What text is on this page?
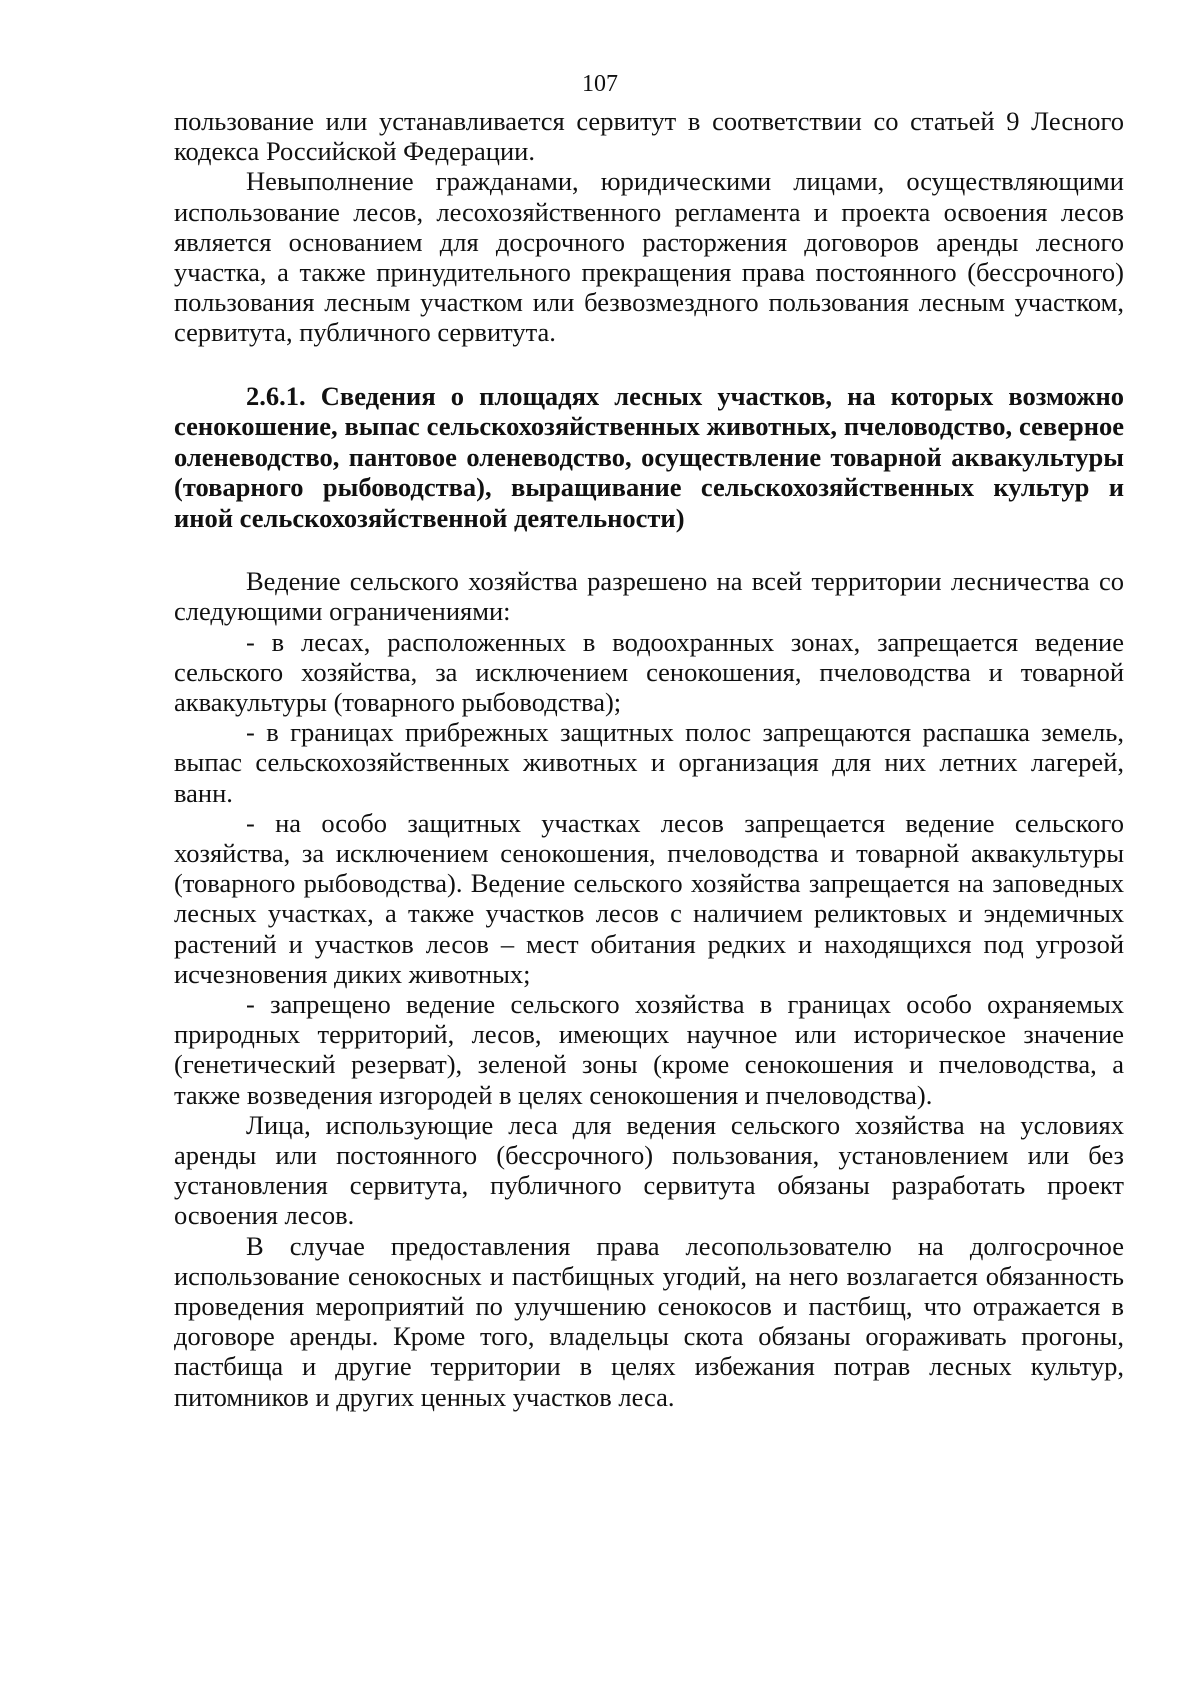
107

пользование или устанавливается сервитут в соответствии со статьей 9 Лесного кодекса Российской Федерации.

Невыполнение гражданами, юридическими лицами, осуществляющими использование лесов, лесохозяйственного регламента и проекта освоения лесов является основанием для досрочного расторжения договоров аренды лесного участка, а также принудительного прекращения права постоянного (бессрочного) пользования лесным участком или безвозмездного пользования лесным участком, сервитута, публичного сервитута.

2.6.1. Сведения о площадях лесных участков, на которых возможно сенокошение, выпас сельскохозяйственных животных, пчеловодство, северное оленеводство, пантовое оленеводство, осуществление товарной аквакультуры (товарного рыбоводства), выращивание сельскохозяйственных культур и иной сельскохозяйственной деятельности)

Ведение сельского хозяйства разрешено на всей территории лесничества со следующими ограничениями:

- в лесах, расположенных в водоохранных зонах, запрещается ведение сельского хозяйства, за исключением сенокошения, пчеловодства и товарной аквакультуры (товарного рыбоводства);

- в границах прибрежных защитных полос запрещаются распашка земель, выпас сельскохозяйственных животных и организация для них летних лагерей, ванн.

- на особо защитных участках лесов запрещается ведение сельского хозяйства, за исключением сенокошения, пчеловодства и товарной аквакультуры (товарного рыбоводства). Ведение сельского хозяйства запрещается на заповедных лесных участках, а также участков лесов с наличием реликтовых и эндемичных растений и участков лесов – мест обитания редких и находящихся под угрозой исчезновения диких животных;

- запрещено ведение сельского хозяйства в границах особо охраняемых природных территорий, лесов, имеющих научное или историческое значение (генетический резерват), зеленой зоны (кроме сенокошения и пчеловодства, а также возведения изгородей в целях сенокошения и пчеловодства).

Лица, использующие леса для ведения сельского хозяйства на условиях аренды или постоянного (бессрочного) пользования, установлением или без установления сервитута, публичного сервитута обязаны разработать проект освоения лесов.

В случае предоставления права лесопользователю на долгосрочное использование сенокосных и пастбищных угодий, на него возлагается обязанность проведения мероприятий по улучшению сенокосов и пастбищ, что отражается в договоре аренды. Кроме того, владельцы скота обязаны огораживать прогоны, пастбища и другие территории в целях избежания потрав лесных культур, питомников и других ценных участков леса.
